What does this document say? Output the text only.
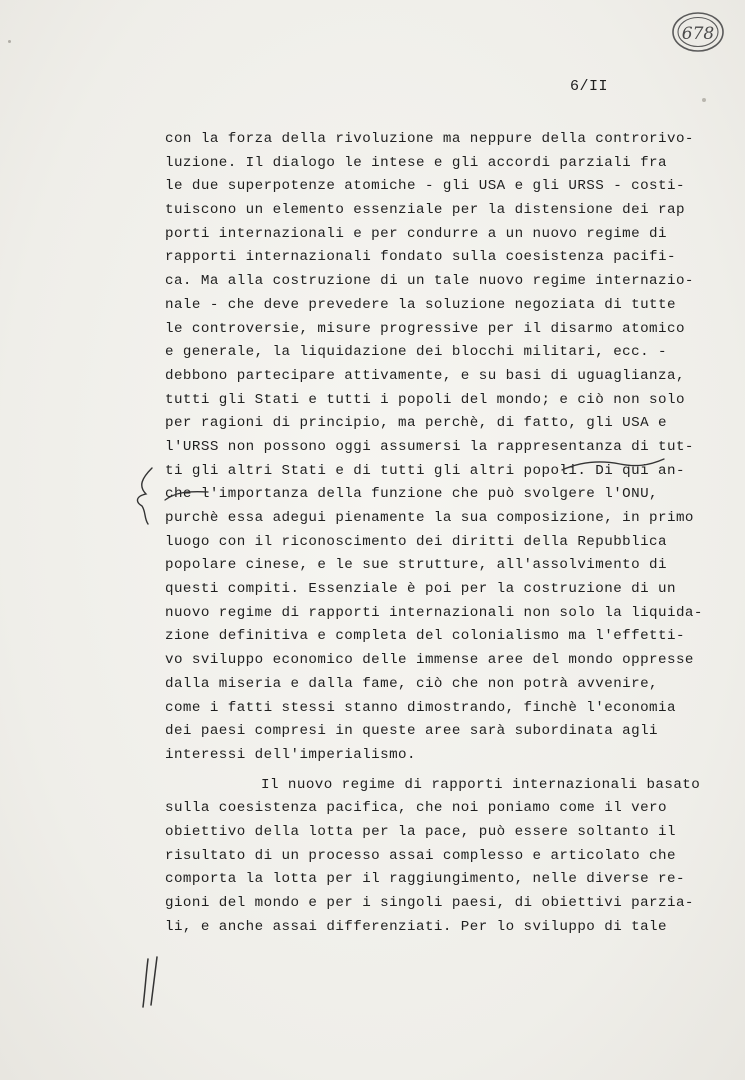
678
6/II
con la forza della rivoluzione ma neppure della controrivo-
luzione. Il dialogo le intese e gli accordi parziali fra
le due superpotenze atomiche - gli USA e gli URSS - costi-
tuiscono un elemento essenziale per la distensione dei rap
porti internazionali e per condurre a un nuovo regime di
rapporti internazionali fondato sulla coesistenza pacifi-
ca. Ma alla costruzione di un tale nuovo regime internazio-
nale - che deve prevedere la soluzione negoziata di tutte
le controversie, misure progressive per il disarmo atomico
e generale, la liquidazione dei blocchi militari, ecc. -
debbono partecipare attivamente, e su basi di uguaglianza,
tutti gli Stati e tutti i popoli del mondo; e ciò non solo
per ragioni di principio, ma perchè, di fatto, gli USA e
l'URSS non possono oggi assumersi la rappresentanza di tut-
ti gli altri Stati e di tutti gli altri popoli. Di qui an-
che l'importanza della funzione che può svolgere l'ONU,
purchè essa adegui pienamente la sua composizione, in primo
luogo con il riconoscimento dei diritti della Repubblica
popolare cinese, e le sue strutture, all'assolvimento di
questi compiti. Essenziale è poi per la costruzione di un
nuovo regime di rapporti internazionali non solo la liquida-
zione definitiva e completa del colonialismo ma l'effetti-
vo sviluppo economico delle immense aree del mondo oppresse
dalla miseria e dalla fame, ciò che non potrà avvenire,
come i fatti stessi stanno dimostrando, finchè l'economia
dei paesi compresi in queste aree sarà subordinata agli
interessi dell'imperialismo.
Il nuovo regime di rapporti internazionali basato
sulla coesistenza pacifica, che noi poniamo come il vero
obiettivo della lotta per la pace, può essere soltanto il
risultato di un processo assai complesso e articolato che
comporta la lotta per il raggiungimento, nelle diverse re-
gioni del mondo e per i singoli paesi, di obiettivi parzia-
li, e anche assai differenziati. Per lo sviluppo di tale
